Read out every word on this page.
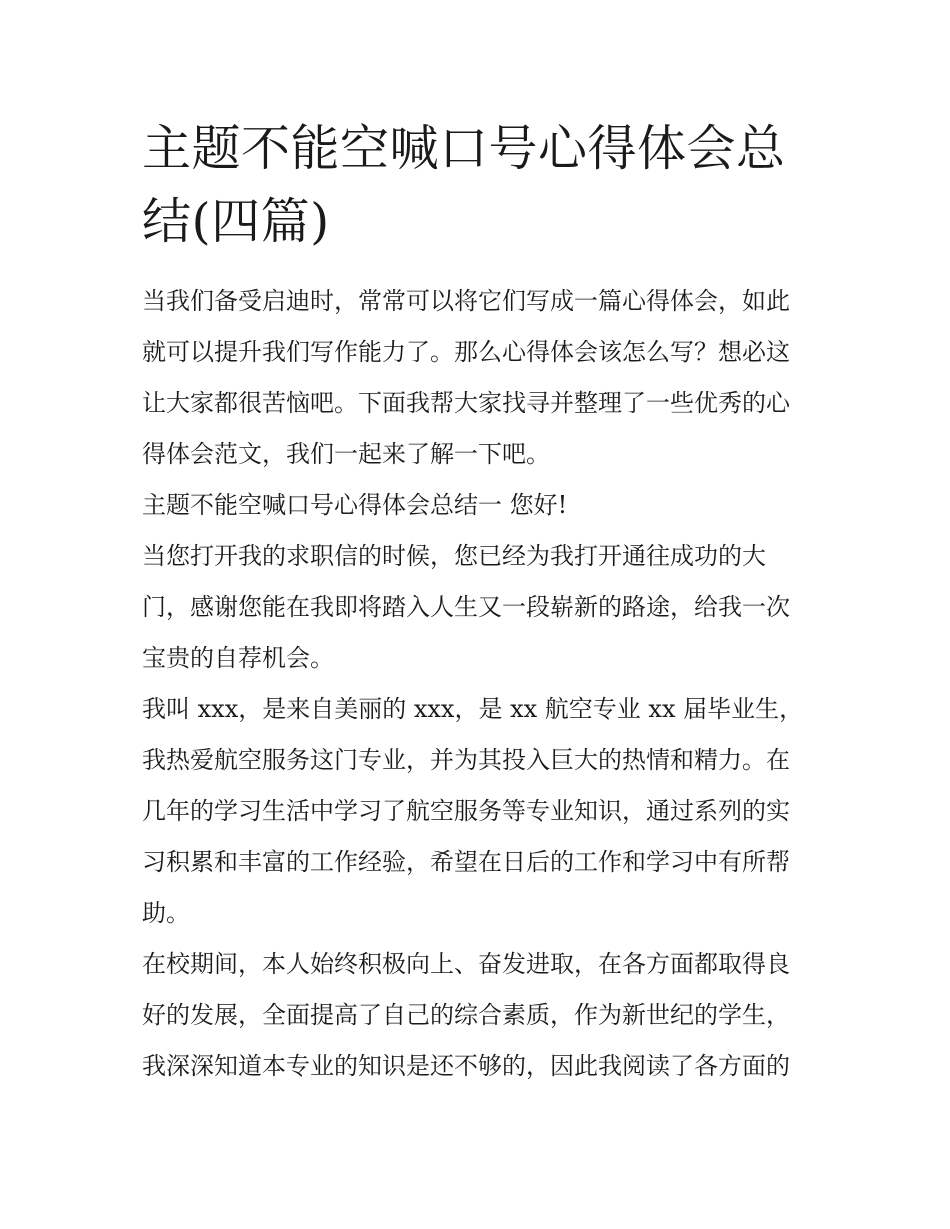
主题不能空喊口号心得体会总
结(四篇)

当我们备受启迪时，常常可以将它们写成一篇心得体会，如此
就可以提升我们写作能力了。那么心得体会该怎么写？想必这
让大家都很苦恼吧。下面我帮大家找寻并整理了一些优秀的心
得体会范文，我们一起来了解一下吧。

主题不能空喊口号心得体会总结一 您好!

当您打开我的求职信的时候，您已经为我打开通往成功的大
门，感谢您能在我即将踏入人生又一段崭新的路途，给我一次
宝贵的自荐机会。

我叫 xxx，是来自美丽的 xxx，是 xx 航空专业 xx 届毕业生，
我热爱航空服务这门专业，并为其投入巨大的热情和精力。在
几年的学习生活中学习了航空服务等专业知识，通过系列的实
习积累和丰富的工作经验，希望在日后的工作和学习中有所帮
助。

在校期间，本人始终积极向上、奋发进取，在各方面都取得良
好的发展，全面提高了自己的综合素质，作为新世纪的学生，
我深深知道本专业的知识是还不够的，因此我阅读了各方面的
